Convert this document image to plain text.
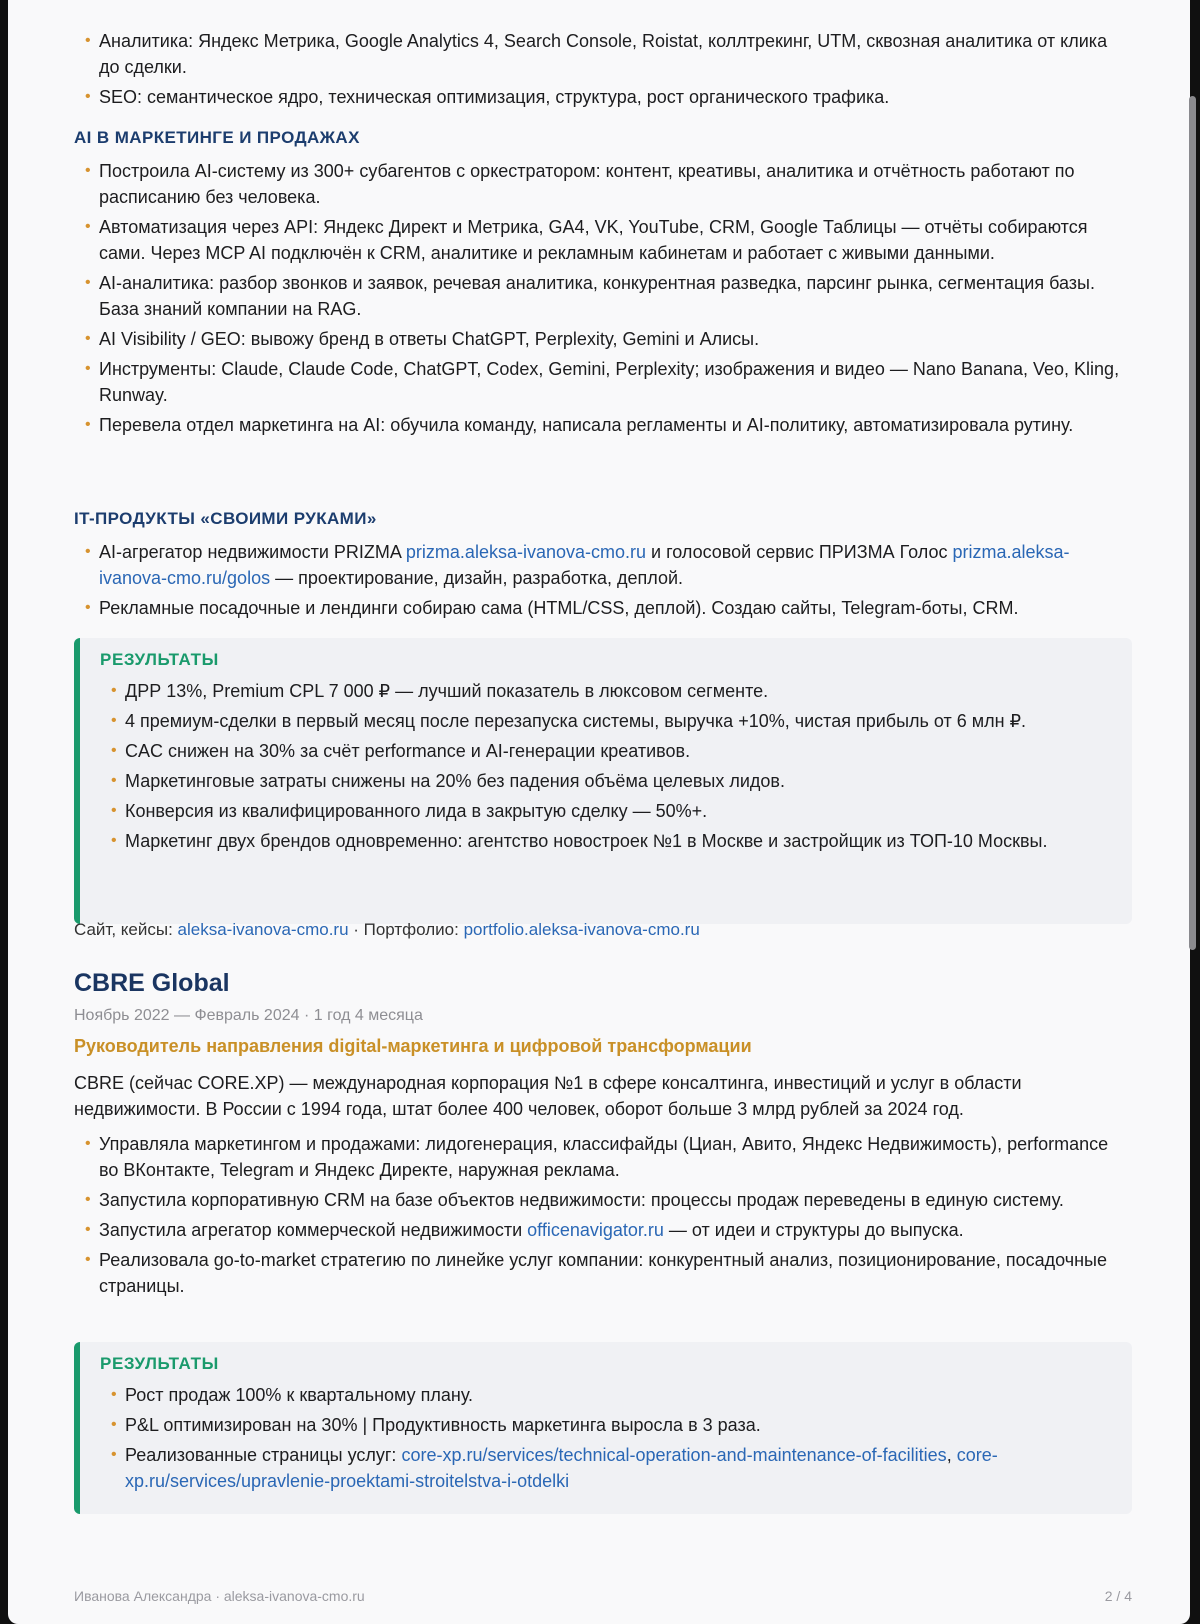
• Аналитика: Яндекс Метрика, Google Analytics 4, Search Console, Roistat, коллтрекинг, UTM, сквозная аналитика от клика до сделки.
• SEO: семантическое ядро, техническая оптимизация, структура, рост органического трафика.
AI В МАРКЕТИНГЕ И ПРОДАЖАХ
• Построила AI-систему из 300+ субагентов с оркестратором: контент, креативы, аналитика и отчётность работают по расписанию без человека.
• Автоматизация через API: Яндекс Директ и Метрика, GA4, VK, YouTube, CRM, Google Таблицы — отчёты собираются сами. Через MCP AI подключён к CRM, аналитике и рекламным кабинетам и работает с живыми данными.
• AI-аналитика: разбор звонков и заявок, речевая аналитика, конкурентная разведка, парсинг рынка, сегментация базы. База знаний компании на RAG.
• AI Visibility / GEO: вывожу бренд в ответы ChatGPT, Perplexity, Gemini и Алисы.
• Инструменты: Claude, Claude Code, ChatGPT, Codex, Gemini, Perplexity; изображения и видео — Nano Banana, Veo, Kling, Runway.
• Перевела отдел маркетинга на AI: обучила команду, написала регламенты и AI-политику, автоматизировала рутину.
IT-ПРОДУКТЫ «СВОИМИ РУКАМИ»
• AI-агрегатор недвижимости PRIZMA prizma.aleksa-ivanova-cmo.ru и голосовой сервис ПРИЗМА Голос prizma.aleksa-ivanova-cmo.ru/golos — проектирование, дизайн, разработка, деплой.
• Рекламные посадочные и лендинги собираю сама (HTML/CSS, деплой). Создаю сайты, Telegram-боты, CRM.
РЕЗУЛЬТАТЫ
• ДРР 13%, Premium CPL 7 000 ₽ — лучший показатель в люксовом сегменте.
• 4 премиум-сделки в первый месяц после перезапуска системы, выручка +10%, чистая прибыль от 6 млн ₽.
• CAC снижен на 30% за счёт performance и AI-генерации креативов.
• Маркетинговые затраты снижены на 20% без падения объёма целевых лидов.
• Конверсия из квалифицированного лида в закрытую сделку — 50%+.
• Маркетинг двух брендов одновременно: агентство новостроек №1 в Москве и застройщик из ТОП-10 Москвы.
Сайт, кейсы: aleksa-ivanova-cmo.ru · Портфолио: portfolio.aleksa-ivanova-cmo.ru
CBRE Global

Ноябрь 2022 — Февраль 2024 · 1 год 4 месяца

Руководитель направления digital-маркетинга и цифровой трансформации

CBRE (сейчас CORE.XP) — международная корпорация №1 в сфере консалтинга, инвестиций и услуг в области недвижимости. В России с 1994 года, штат более 400 человек, оборот больше 3 млрд рублей за 2024 год.

• Управляла маркетингом и продажами: лидогенерация, классифайды (Циан, Авито, Яндекс Недвижимость), performance во ВКонтакте, Telegram и Яндекс Директе, наружная реклама.
• Запустила корпоративную CRM на базе объектов недвижимости: процессы продаж переведены в единую систему.
• Запустила агрегатор коммерческой недвижимости officenavigator.ru — от идеи и структуры до выпуска.
• Реализовала go-to-market стратегию по линейке услуг компании: конкурентный анализ, позиционирование, посадочные страницы.
РЕЗУЛЬТАТЫ
• Рост продаж 100% к квартальному плану.
• P&L оптимизирован на 30% | Продуктивность маркетинга выросла в 3 раза.
• Реализованные страницы услуг: core-xp.ru/services/technical-operation-and-maintenance-of-facilities, core-xp.ru/services/upravlenie-proektami-stroitelstva-i-otdelki
Иванова Александра · aleksa-ivanova-cmo.ru	2 / 4
